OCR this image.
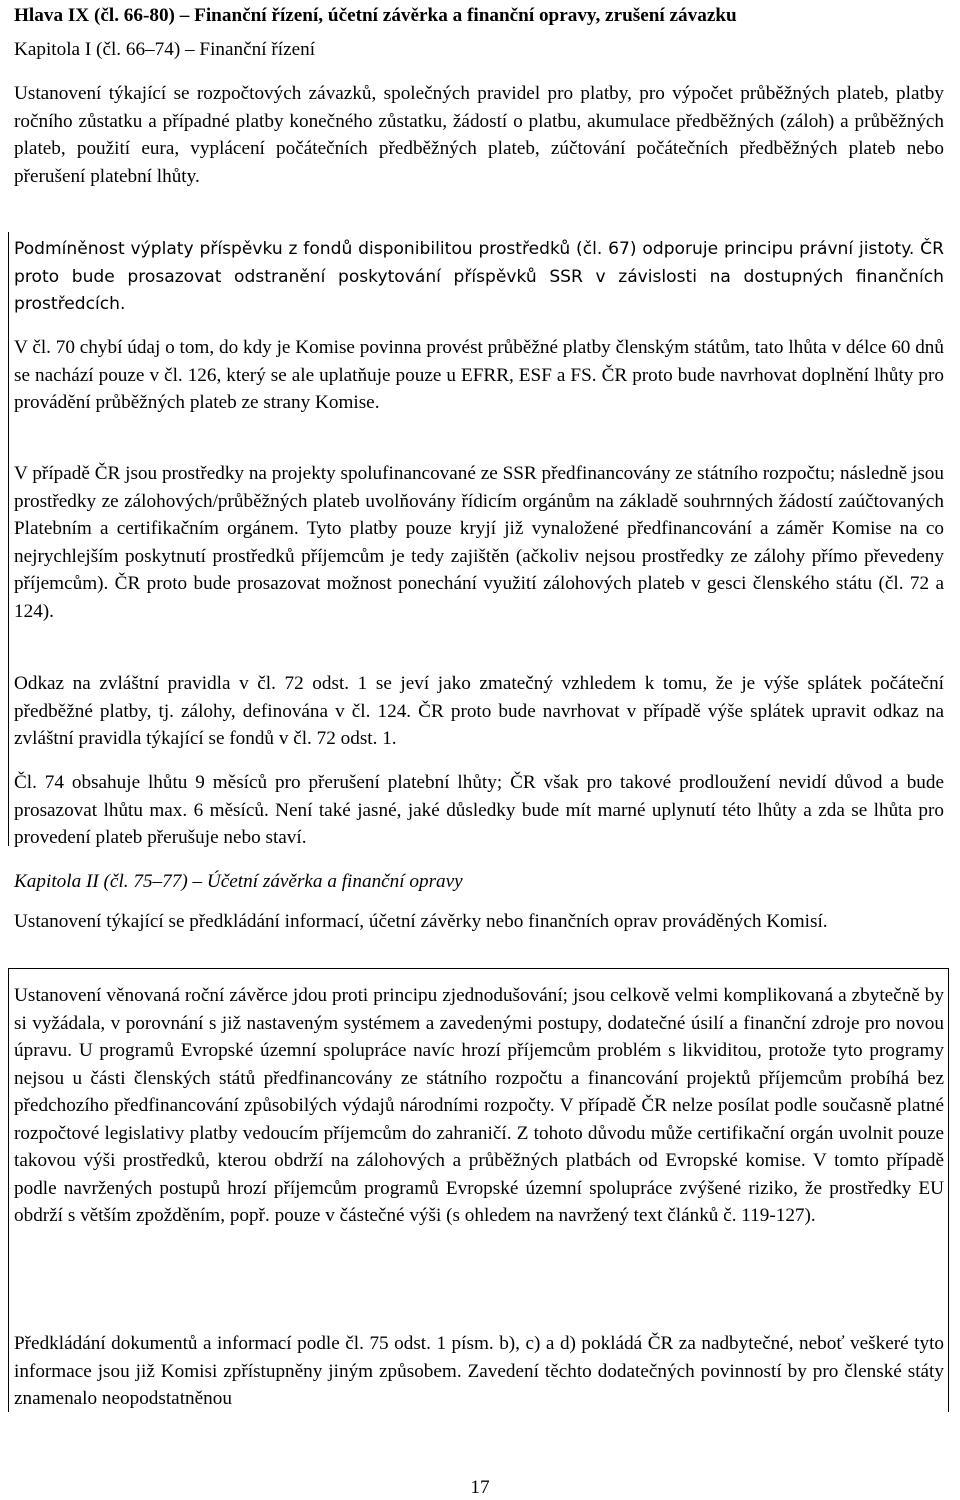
Hlava IX (čl. 66-80) – Finanční řízení, účetní závěrka a finanční opravy, zrušení závazku

Kapitola I (čl. 66–74) – Finanční řízení

Ustanovení týkající se rozpočtových závazků, společných pravidel pro platby, pro výpočet průběžných plateb, platby ročního zůstatku a případné platby konečného zůstatku, žádostí o platbu, akumulace předběžných (záloh) a průběžných plateb, použití eura, vyplácení počátečních předběžných plateb, zúčtování počátečních předběžných plateb nebo přerušení platební lhůty.

Podmíněnost výplaty příspěvku z fondů disponibilitou prostředků (čl. 67) odporuje principu právní jistoty. ČR proto bude prosazovat odstranění poskytování příspěvků SSR v závislosti na dostupných finančních prostředcích.

V čl. 70 chybí údaj o tom, do kdy je Komise povinna provést průběžné platby členským státům, tato lhůta v délce 60 dnů se nachází pouze v čl. 126, který se ale uplatňuje pouze u EFRR, ESF a FS. ČR proto bude navrhovat doplnění lhůty pro provádění průběžných plateb ze strany Komise.

V případě ČR jsou prostředky na projekty spolufinancované ze SSR předfinancovány ze státního rozpočtu; následně jsou prostředky ze zálohových/průběžných plateb uvolňovány řídicím orgánům na základě souhrnných žádostí zaúčtovaných Platebním a certifikačním orgánem. Tyto platby pouze kryjí již vynaložené předfinancování a záměr Komise na co nejrychlejším poskytnutí prostředků příjemcům je tedy zajištěn (ačkoliv nejsou prostředky ze zálohy přímo převedeny příjemcům). ČR proto bude prosazovat možnost ponechání využití zálohových plateb v gesci členského státu (čl. 72 a 124).

Odkaz na zvláštní pravidla v čl. 72 odst. 1 se jeví jako zmatečný vzhledem k tomu, že je výše splátek počáteční předběžné platby, tj. zálohy, definována v čl. 124. ČR proto bude navrhovat v případě výše splátek upravit odkaz na zvláštní pravidla týkající se fondů v čl. 72 odst. 1.

Čl. 74 obsahuje lhůtu 9 měsíců pro přerušení platební lhůty; ČR však pro takové prodloužení nevidí důvod a bude prosazovat lhůtu max. 6 měsíců. Není také jasné, jaké důsledky bude mít marné uplynutí této lhůty a zda se lhůta pro provedení plateb přerušuje nebo staví.

Kapitola II (čl. 75–77) – Účetní závěrka a finanční opravy

Ustanovení týkající se předkládání informací, účetní závěrky nebo finančních oprav prováděných Komisí.

Ustanovení věnovaná roční závěrce jdou proti principu zjednodušování; jsou celkově velmi komplikovaná a zbytečně by si vyžádala, v porovnání s již nastaveným systémem a zavedenými postupy, dodatečné úsilí a finanční zdroje pro novou úpravu. U programů Evropské územní spolupráce navíc hrozí příjemcům problém s likviditou, protože tyto programy nejsou u části členských států předfinancovány ze státního rozpočtu a financování projektů příjemcům probíhá bez předchozího předfinancování způsobilých výdajů národními rozpočty. V případě ČR nelze posílat podle současně platné rozpočtové legislativy platby vedoucím příjemcům do zahraničí. Z tohoto důvodu může certifikační orgán uvolnit pouze takovou výši prostředků, kterou obdrží na zálohových a průběžných platbách od Evropské komise. V tomto případě podle navržených postupů hrozí příjemcům programů Evropské územní spolupráce zvýšené riziko, že prostředky EU obdrží s větším zpožděním, popř. pouze v částečné výši (s ohledem na navržený text článků č. 119-127).

Předkládání dokumentů a informací podle čl. 75 odst. 1 písm. b), c) a d) pokládá ČR za nadbytečné, neboť veškeré tyto informace jsou již Komisi zpřístupněny jiným způsobem. Zavedení těchto dodatečných povinností by pro členské státy znamenalo neopodstatněnou

17
